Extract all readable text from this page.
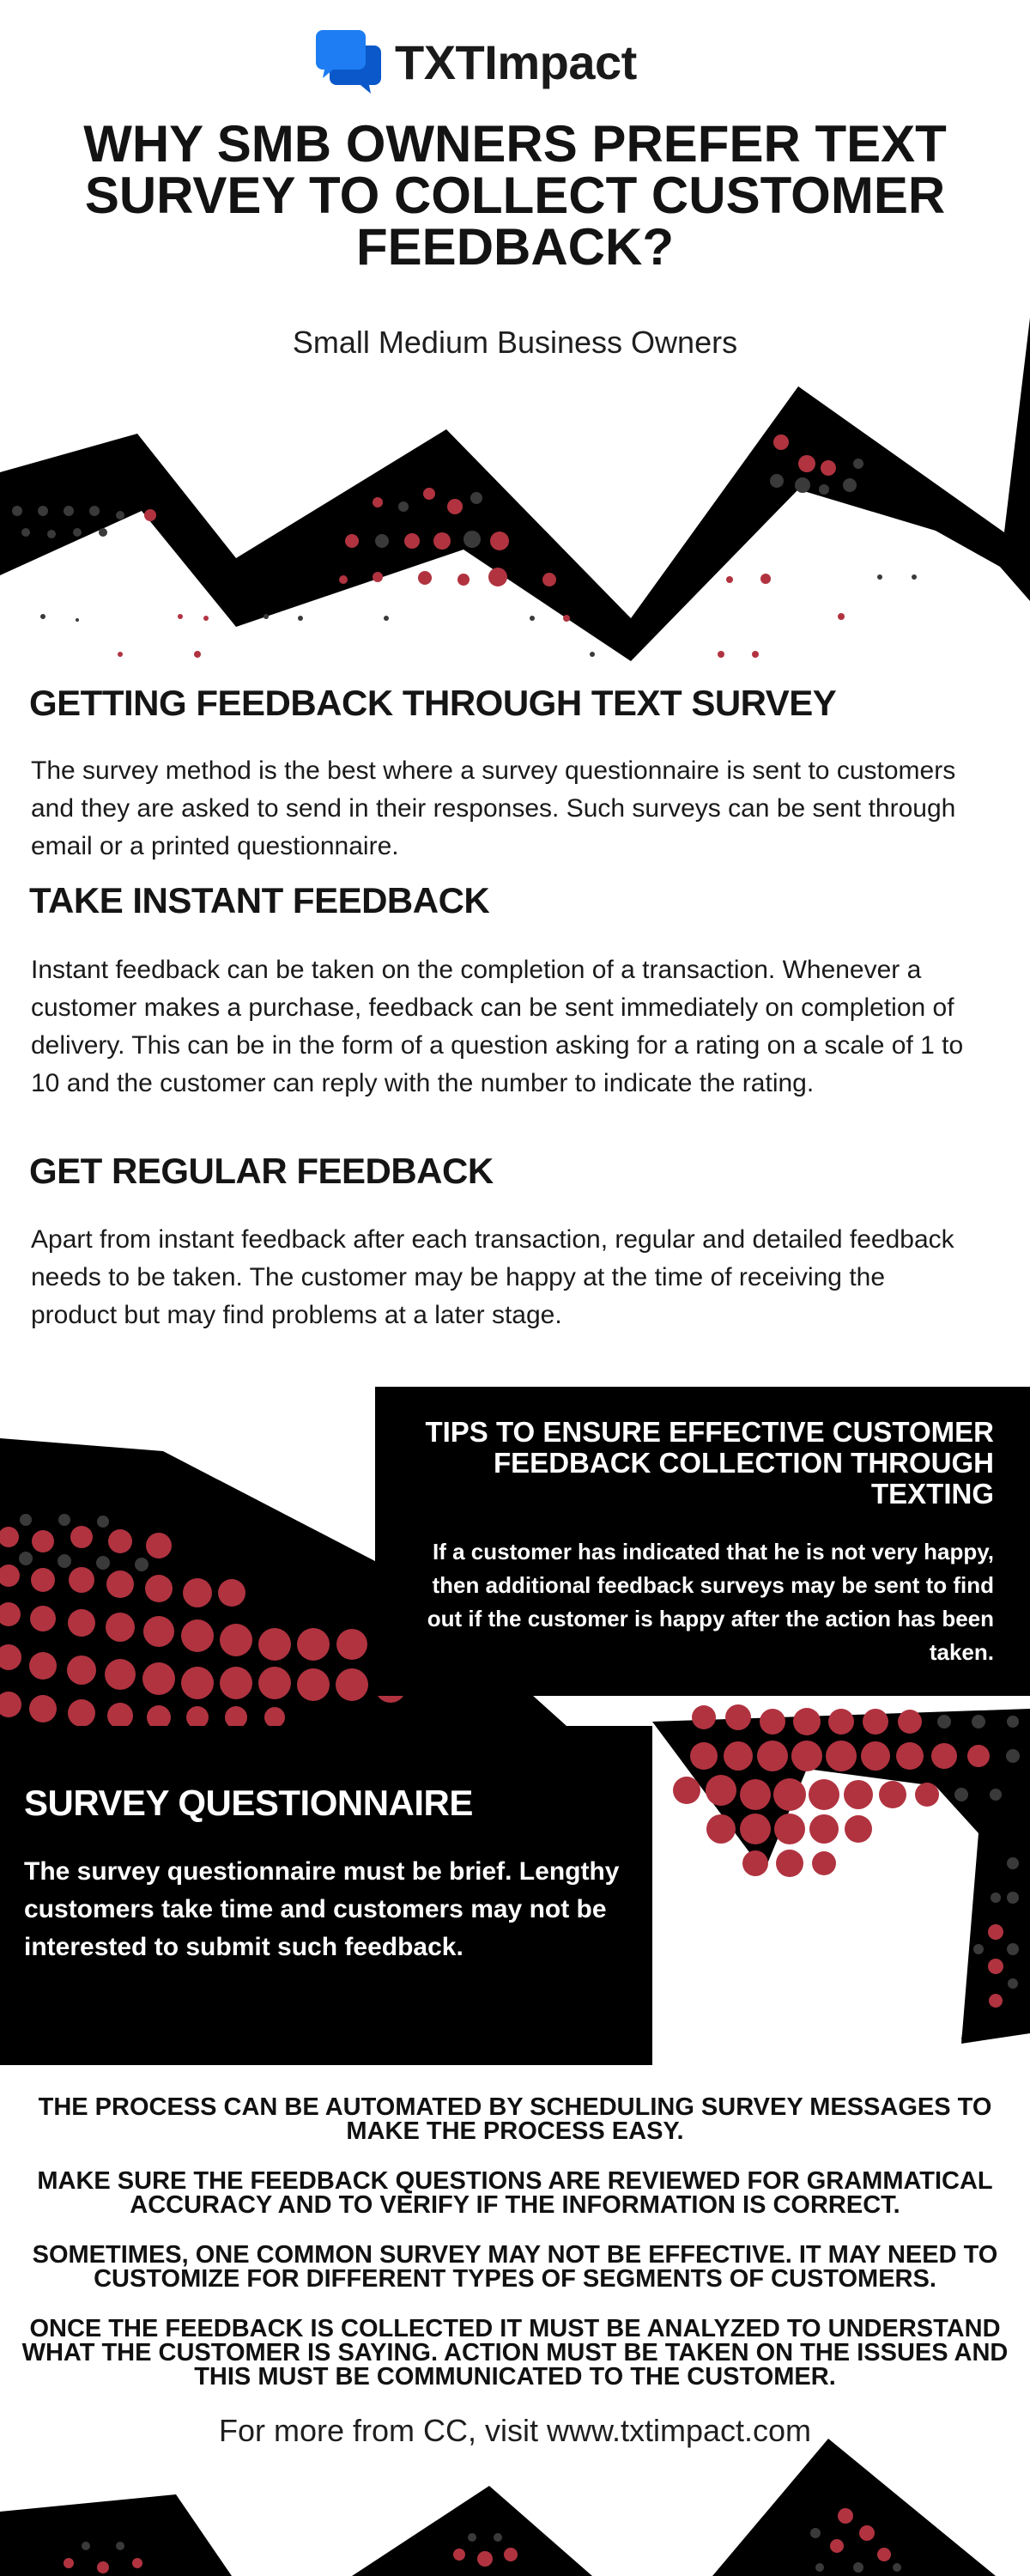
TXTImpact
WHY SMB OWNERS PREFER TEXT SURVEY TO COLLECT CUSTOMER FEEDBACK?
Small Medium Business Owners
GETTING FEEDBACK THROUGH TEXT SURVEY

The survey method is the best where a survey questionnaire is sent to customers and they are asked to send in their responses. Such surveys can be sent through email or a printed questionnaire.

TAKE INSTANT FEEDBACK

Instant feedback can be taken on the completion of a transaction. Whenever a customer makes a purchase, feedback can be sent immediately on completion of delivery. This can be in the form of a question asking for a rating on a scale of 1 to 10 and the customer can reply with the number to indicate the rating.

GET REGULAR FEEDBACK

Apart from instant feedback after each transaction, regular and detailed feedback needs to be taken. The customer may be happy at the time of receiving the product but may find problems at a later stage.

TIPS TO ENSURE EFFECTIVE CUSTOMER FEEDBACK COLLECTION THROUGH TEXTING

If a customer has indicated that he is not very happy, then additional feedback surveys may be sent to find out if the customer is happy after the action has been taken.

SURVEY QUESTIONNAIRE

The survey questionnaire must be brief. Lengthy customers take time and customers may not be interested to submit such feedback.

THE PROCESS CAN BE AUTOMATED BY SCHEDULING SURVEY MESSAGES TO MAKE THE PROCESS EASY.

MAKE SURE THE FEEDBACK QUESTIONS ARE REVIEWED FOR GRAMMATICAL ACCURACY AND TO VERIFY IF THE INFORMATION IS CORRECT.

SOMETIMES, ONE COMMON SURVEY MAY NOT BE EFFECTIVE. IT MAY NEED TO CUSTOMIZE FOR DIFFERENT TYPES OF SEGMENTS OF CUSTOMERS.

ONCE THE FEEDBACK IS COLLECTED IT MUST BE ANALYZED TO UNDERSTAND WHAT THE CUSTOMER IS SAYING. ACTION MUST BE TAKEN ON THE ISSUES AND THIS MUST BE COMMUNICATED TO THE CUSTOMER.

For more from CC, visit www.txtimpact.com
